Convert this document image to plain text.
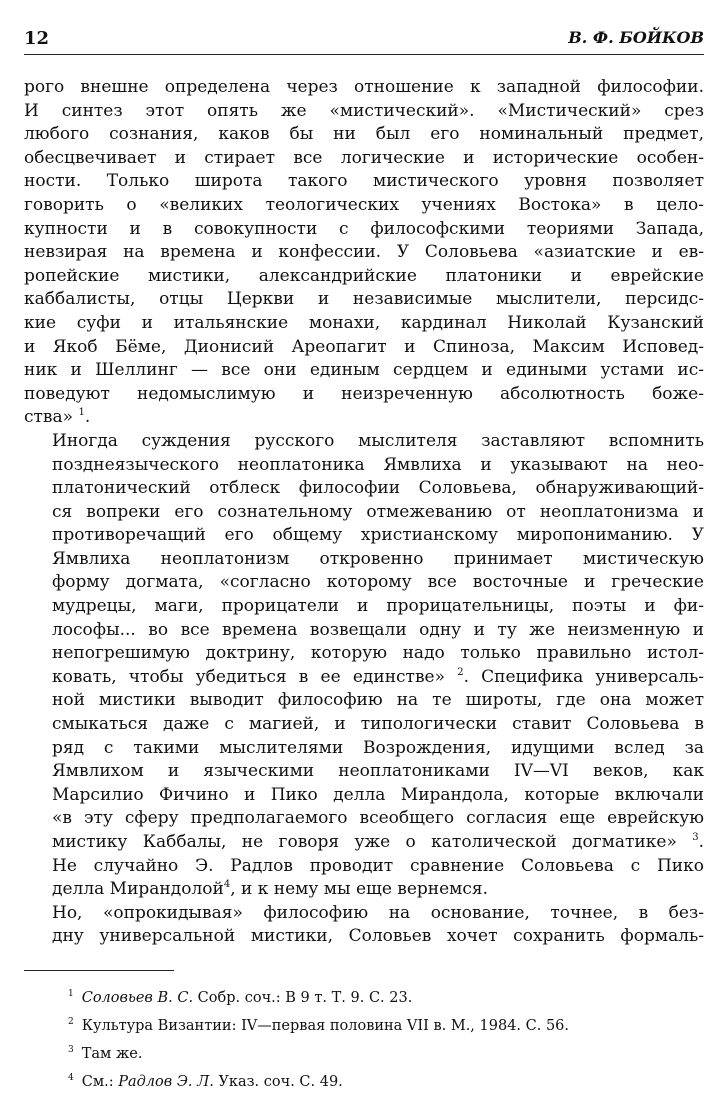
12	В. Ф. БОЙКОВ

рого внешне определена через отношение к западной философии.
И синтез этот опять же «мистический». «Мистический» срез
любого сознания, каков бы ни был его номинальный предмет,
обесцвечивает и стирает все логические и исторические особен-
ности. Только широта такого мистического уровня позволяет
говорить о «великих теологических учениях Востока» в цело-
купности и в совокупности с философскими теориями Запада,
невзирая на времена и конфессии. У Соловьева «азиатские и ев-
ропейские мистики, александрийские платоники и еврейские
каббалисты, отцы Церкви и независимые мыслители, персидс-
кие суфи и итальянские монахи, кардинал Николай Кузанский
и Якоб Бёме, Дионисий Ареопагит и Спиноза, Максим Исповед-
ник и Шеллинг — все они единым сердцем и едиными устами ис-
поведуют недомыслимую и неизреченную абсолютность боже-
ства» $^1$.

Иногда суждения русского мыслителя заставляют вспомнить
позднеязыческого неоплатоника Ямвлиха и указывают на нео-
платонический отблеск философии Соловьева, обнаруживающий-
ся вопреки его сознательному отмежеванию от неоплатонизма и
противоречащий его общему христианскому миропониманию. У
Ямвлиха неоплатонизм откровенно принимает мистическую
форму догмата, «согласно которому все восточные и греческие
мудрецы, маги, прорицатели и прорицательницы, поэты и фи-
лософы... во все времена возвещали одну и ту же неизменную и
непогрешимую доктрину, которую надо только правильно истол-
ковать, чтобы убедиться в ее единстве» $^2$. Специфика универсаль-
ной мистики выводит философию на те широты, где она может
смыкаться даже с магией, и типологически ставит Соловьева в
ряд с такими мыслителями Возрождения, идущими вслед за
Ямвлихом и языческими неоплатониками IV—VI веков, как
Марсилио Фичино и Пико делла Мирандола, которые включали
«в эту сферу предполагаемого всеобщего согласия еще еврейскую
мистику Каббалы, не говоря уже о католической догматике» $^3$.
Не случайно Э. Радлов проводит сравнение Соловьева с Пико
делла Мирандолой$^4$, и к нему мы еще вернемся.

Но, «опрокидывая» философию на основание, точнее, в без-
дну универсальной мистики, Соловьев хочет сохранить формаль-

$^1$ Соловьев В. С. Собр. соч.: В 9 т. Т. 9. С. 23.
$^2$ Культура Византии: IV—первая половина VII в. М., 1984. С. 56.
$^3$ Там же.
$^4$ См.: Радлов Э. Л. Указ. соч. С. 49.
